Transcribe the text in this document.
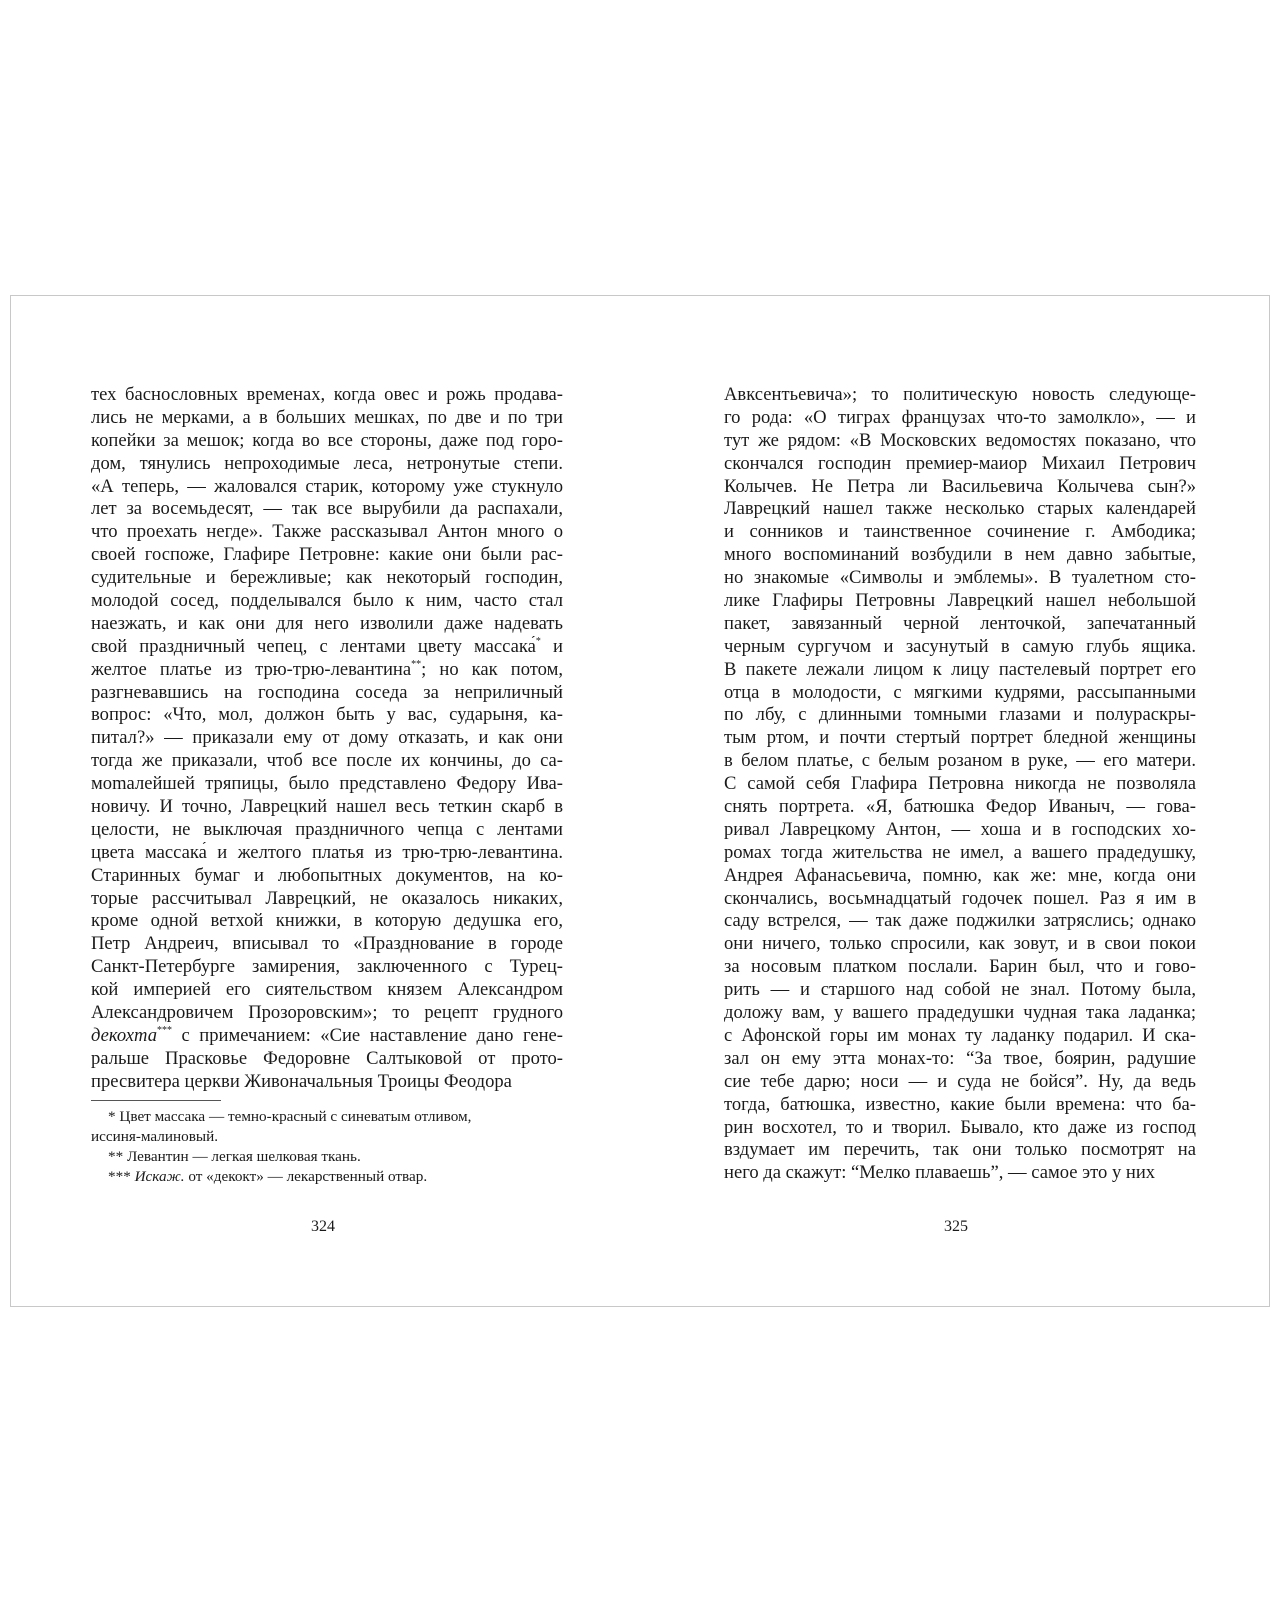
тех баснословных временах, когда овес и рожь продава-
лись не мерками, а в больших мешках, по две и по три
копейки за мешок; когда во все стороны, даже под горо-
дом, тянулись непроходимые леса, нетронутые степи.
«А теперь, — жаловался старик, которому уже стукнуло
лет за восемьдесят, — так все вырубили да распахали,
что проехать негде». Также рассказывал Антон много о
своей госпоже, Глафире Петровне: какие они были рас-
судительные и бережливые; как некоторый господин,
молодой сосед, подделывался было к ним, часто стал
наезжать, и как они для него изволили даже надевать
свой праздничный чепец, с лентами цвету массака́* и
желтое платье из трю-трю-левантина**; но как потом,
разгневавшись на господина соседа за неприличный
вопрос: «Что, мол, должон быть у вас, сударыня, ка-
питал?» — приказали ему от дому отказать, и как они
тогда же приказали, чтоб все после их кончины, до са-
мomалейшей тряпицы, было представлено Федору Ива-
новичу. И точно, Лаврецкий нашел весь теткин скарб в
целости, не выключая праздничного чепца с лентами
цвета массака́ и желтого платья из трю-трю-левантина.
Старинных бумаг и любопытных документов, на ко-
торые рассчитывал Лаврецкий, не оказалось никаких,
кроме одной ветхой книжки, в которую дедушка его,
Петр Андреич, вписывал то «Празднование в городе
Санкт-Петербурге замирения, заключенного с Турец-
кой империей его сиятельством князем Александром
Александровичем Прозоровским»; то рецепт грудного
декохта*** с примечанием: «Сие наставление дано гене-
ральше Прасковье Федоровне Салтыковой от прото-
пресвитера церкви Живоначальныя Троицы Феодора
* Цвет массака — темно-красный с синеватым отливом,
иссиня-малиновый.
** Левантин — легкая шелковая ткань.
*** Искаж. от «декокт» — лекарственный отвар.
Авксентьевича»; то политическую новость следующе-
го рода: «О тиграх французах что-то замолкло», — и
тут же рядом: «В Московских ведомостях показано, что
скончался господин премиер-маиор Михаил Петрович
Колычев. Не Петра ли Васильевича Колычева сын?»
Лаврецкий нашел также несколько старых календарей
и сонников и таинственное сочинение г. Амбодика;
много воспоминаний возбудили в нем давно забытые,
но знакомые «Символы и эмблемы». В туалетном сто-
лике Глафиры Петровны Лаврецкий нашел небольшой
пакет, завязанный черной ленточкой, запечатанный
черным сургучом и засунутый в самую глубь ящика.
В пакете лежали лицом к лицу пастелевый портрет его
отца в молодости, с мягкими кудрями, рассыпанными
по лбу, с длинными томными глазами и полураскры-
тым ртом, и почти стертый портрет бледной женщины
в белом платье, с белым розаном в руке, — его матери.
С самой себя Глафира Петровна никогда не позволяла
снять портрета. «Я, батюшка Федор Иваныч, — гова-
ривал Лаврецкому Антон, — хоша и в господских хо-
ромах тогда жительства не имел, а вашего прадедушку,
Андрея Афанасьевича, помню, как же: мне, когда они
скончались, восьмнадцатый годочек пошел. Раз я им в
саду встрелся, — так даже поджилки затряслись; однако
они ничего, только спросили, как зовут, и в свои покои
за носовым платком послали. Барин был, что и гово-
рить — и старшого над собой не знал. Потому была,
доложу вам, у вашего прадедушки чудная така ладанка;
с Афонской горы им монах ту ладанку подарил. И ска-
зал он ему этта монах-то: “За твое, боярин, радушие
сие тебе дарю; носи — и суда не бойся”. Ну, да ведь
тогда, батюшка, известно, какие были времена: что ба-
рин восхотел, то и творил. Бывало, кто даже из господ
вздумает им перечить, так они только посмотрят на
него да скажут: “Мелко плаваешь”, — самое это у них
324	325
